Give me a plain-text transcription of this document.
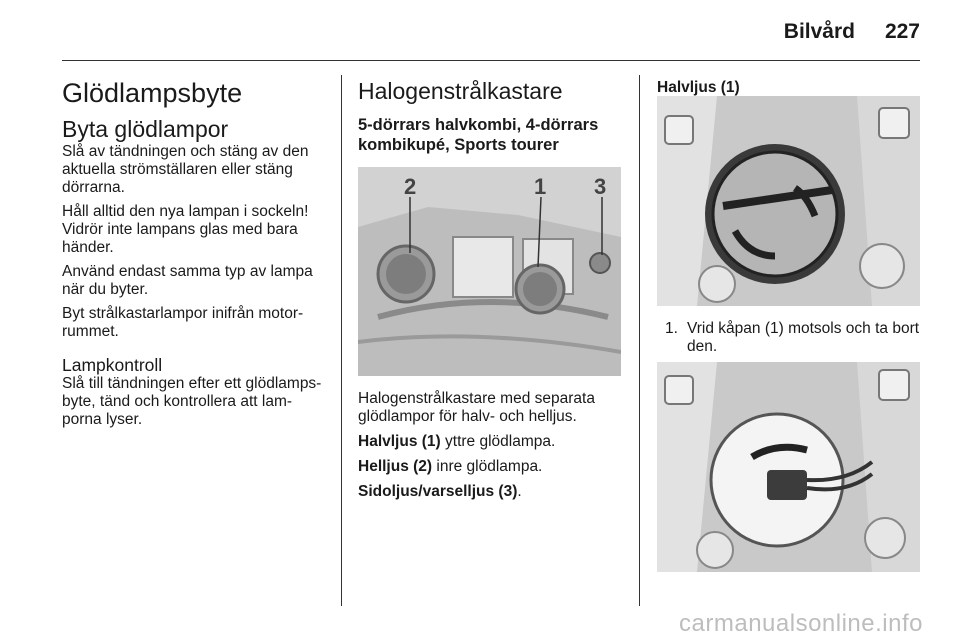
Bilvård 227
Glödlampsbyte
Byta glödlampor

Slå av tändningen och stäng av den
aktuella strömställaren eller stäng
dörrarna.

Håll alltid den nya lampan i sockeln!
Vidrör inte lampans glas med bara
händer.

Använd endast samma typ av lampa
när du byter.

Byt strålkastarlampor inifrån motor-
rummet.

Lampkontroll

Slå till tändningen efter ett glödlamps-
byte, tänd och kontrollera att lam-
porna lyser.

Halogenstrålkastare
5-dörrars halvkombi, 4-dörrars
kombikupé, Sports tourer
2	1 3

Halogenstrålkastare med separata
glödlampor för halv- och helljus.

Halvljus (1) yttre glödlampa.

Helljus (2) inre glödlampa.

Sidoljus/varselljus (3).

Halvljus (1)
1. Vrid kåpan (1) motsols och ta bort
den.
carmanualsonline.info
